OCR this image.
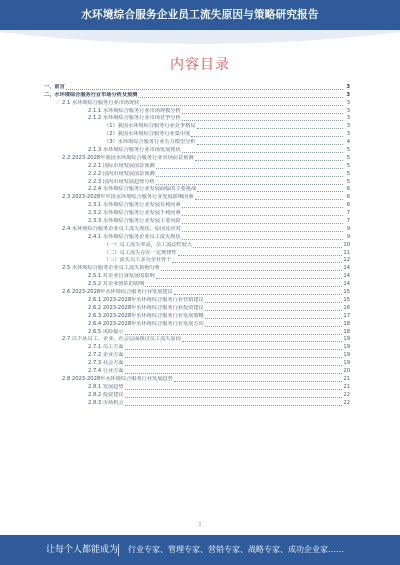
水环境综合服务企业员工流失原因与策略研究报告
内容目录
一、前言	3
二、水环境综合服务行业市场分析及预测	3
2.1 水环境综合服务行业市场现状	3
2.1.1 水环境综合服务行业市场规模分析	3
2.1.2 水环境综合服务行业市场竞争分析	3
（1）我国水环境综合服务行业竞争格局	3
（2）我国水环境综合服务行业集中度	3
（3）水环境综合服务行业五力模型分析	4
2.1.3 水环境综合服务行业市场发展现状	5
2.2 2023-2028年我国水环境综合服务行业市场前景预测	5
2.2.1 国际市场发展前景预测	5
2.2.2 国内市场发展前景预测	5
2.2.3 国内市场发展趋势分析	5
2.2.4 水环境综合服务行业发展面临的主要挑战	6
2.3 2023-2028年中国水环境综合服务行业发展影响因素	6
2.3.1 水环境综合服务行业发展有利因素	6
2.3.2 水环境综合服务行业发展不利因素	7
2.3.3 水环境综合服务行业发展主要风险	7
2.4 水环境综合服务企业员工流失现状、原因及应对	9
2.4.1 水环境综合服务企业员工流失现状	9
（一）员工流失率高，员工流动性较大	10
（二）员工流失存在一定规律性	11
（三）流失员工多为企业骨干	12
2.5 水环境综合服务企业员工流失影响分析	14
2.5.1 对企业自身发展的影响	14
2.5.2 对企业团队的影响	14
2.6 2023-2028年水环境综合服务行业发展建议	15
2.6.1 2023-2028年水环境综合服务行业营销建议	15
2.6.2 2023-2028年水环境综合服务行业投资建议	16
2.6.3 2023-2028年水环境综合服务行业发展策略	17
2.6.4 2023-2028年水环境综合服务行业发展方向	18
2.6.5 风险提示	18
2.7 以下从员工、企业、社会层面探讨员工流失原因	19
2.7.1 员工方面	19
2.7.2 企业方面	19
2.7.3 社会方面	19
2.7.4 行业方面	20
2.8 2023-2028年水环境综合服务行业发展趋势	21
2.8.1 发展趋势	21
2.8.2 投资建议	22
2.8.3 市场机会	22
1
让每个人都能成为 行业专家、管理专家、营销专家、战略专家、成功企业家……
